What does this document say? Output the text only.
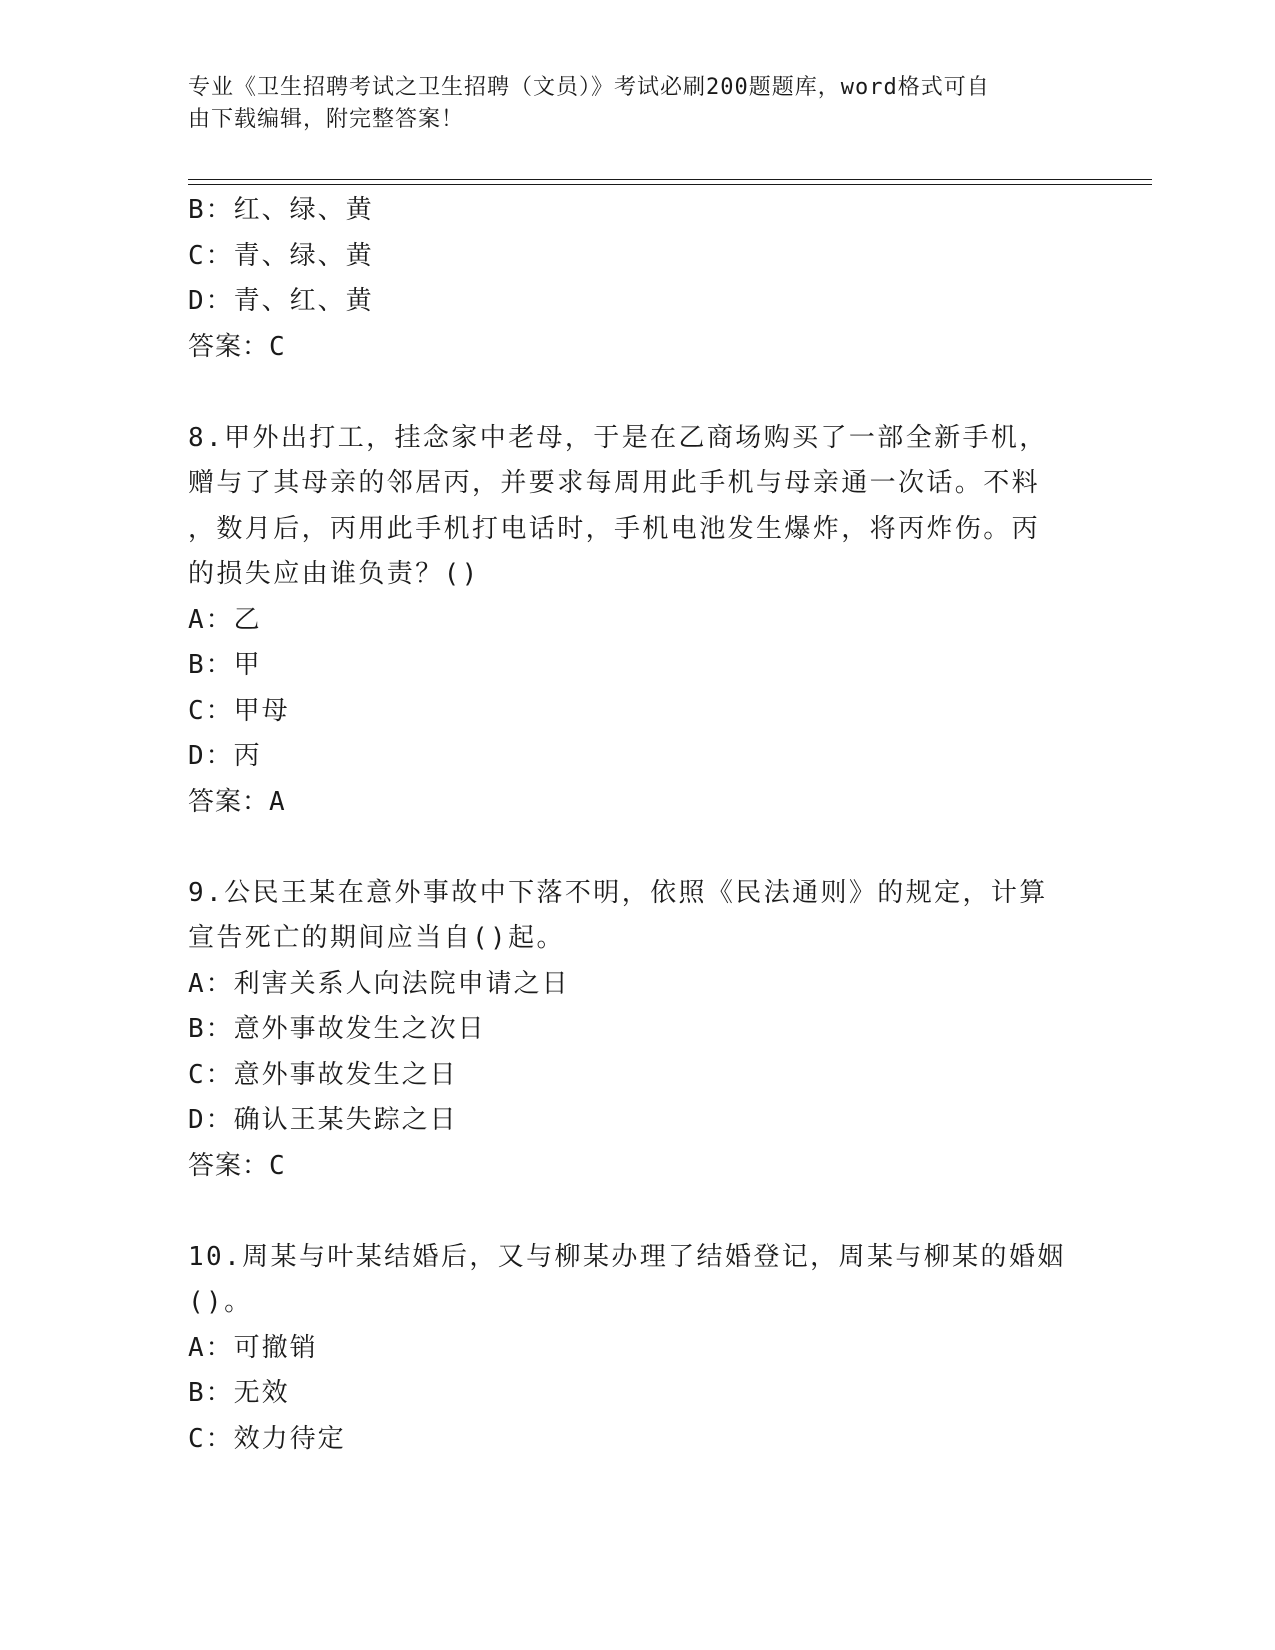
专业《卫生招聘考试之卫生招聘（文员）》考试必刷200题题库，word格式可自
由下载编辑，附完整答案！
B：红、绿、黄
C：青、绿、黄
D：青、红、黄
答案：C
8.甲外出打工，挂念家中老母，于是在乙商场购买了一部全新手机，
赠与了其母亲的邻居丙，并要求每周用此手机与母亲通一次话。不料
，数月后，丙用此手机打电话时，手机电池发生爆炸，将丙炸伤。丙
的损失应由谁负责？()
A：乙
B：甲
C：甲母
D：丙
答案：A
9.公民王某在意外事故中下落不明，依照《民法通则》的规定，计算
宣告死亡的期间应当自()起。
A：利害关系人向法院申请之日
B：意外事故发生之次日
C：意外事故发生之日
D：确认王某失踪之日
答案：C
10.周某与叶某结婚后，又与柳某办理了结婚登记，周某与柳某的婚姻
()。
A：可撤销
B：无效
C：效力待定
